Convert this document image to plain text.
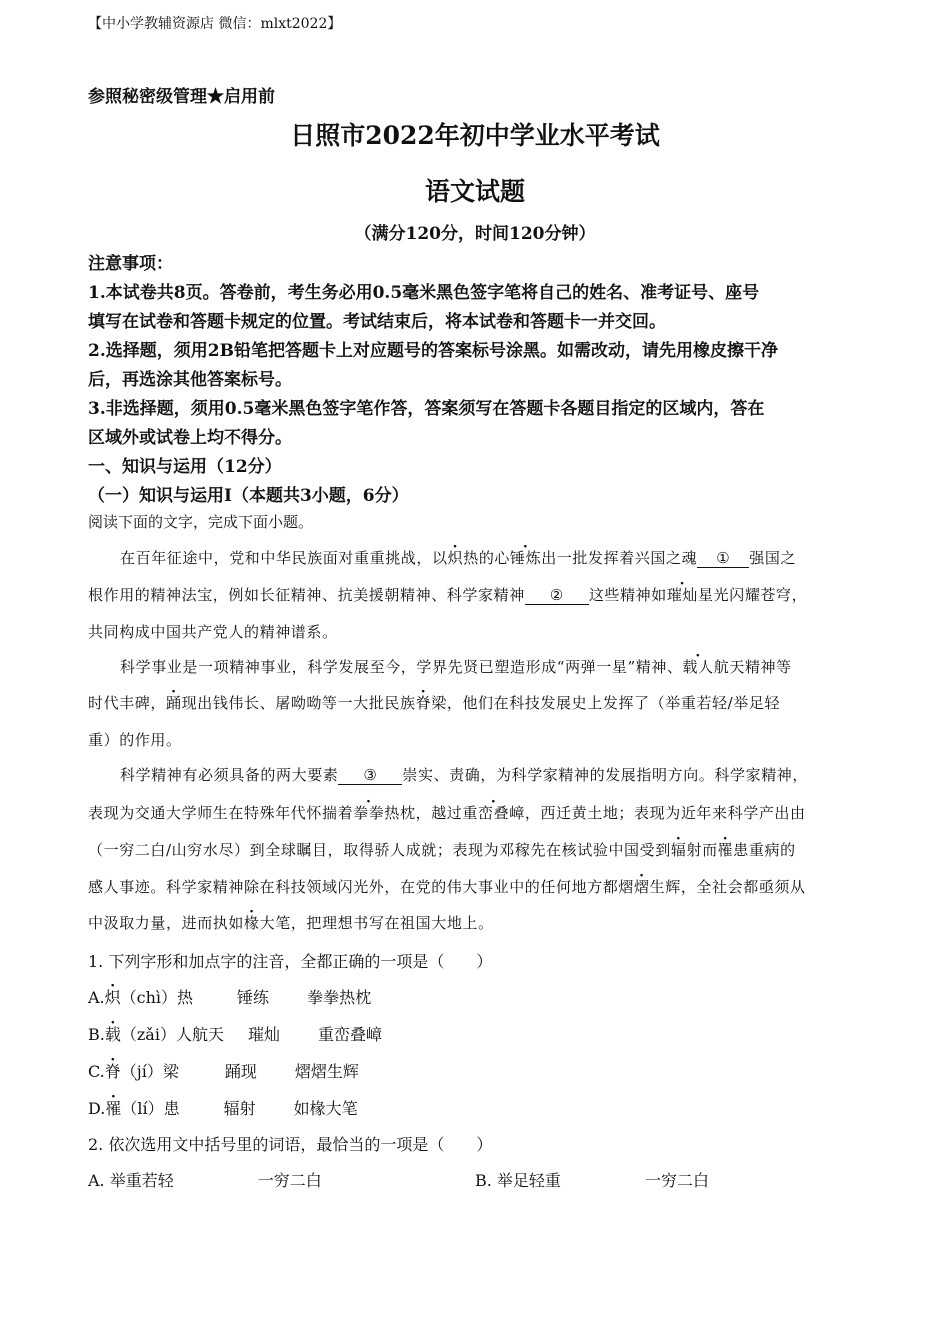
【中小学教辅资源店 微信：mlxt2022】
参照秘密级管理★启用前
日照市2022年初中学业水平考试
语文试题
（满分120分，时间120分钟）
注意事项：
1.本试卷共8页。答卷前，考生务必用0.5毫米黑色签字笔将自己的姓名、准考证号、座号
填写在试卷和答题卡规定的位置。考试结束后，将本试卷和答题卡一并交回。
2.选择题，须用2B铅笔把答题卡上对应题号的答案标号涂黑。如需改动，请先用橡皮擦干净
后，再选涂其他答案标号。
3.非选择题，须用0.5毫米黑色签字笔作答，答案须写在答题卡各题目指定的区域内，答在
区域外或试卷上均不得分。
一、知识与运用（12分）
（一）知识与运用Ⅰ（本题共3小题，6分）
阅读下面的文字，完成下面小题。
在百年征途中，党和中华民族面对重重挑战，以炽热的心锤炼出一批发挥着兴国之魂 ① 强国之
根作用的精神法宝，例如长征精神、抗美援朝精神、科学家精神 ② 这些精神如璀灿星光闪耀苍穹，
共同构成中国共产党人的精神谱系。
科学事业是一项精神事业，科学发展至今，学界先贤已塑造形成“两弹一星”精神、载人航天精神等
时代丰碑，踊现出钱伟长、屠呦呦等一大批民族脊梁，他们在科技发展史上发挥了（举重若轻/举足轻
重）的作用。
科学精神有必须具备的两大要素 ③ 崇实、责确，为科学家精神的发展指明方向。科学家精神，
表现为交通大学师生在特殊年代怀揣着拳拳热枕，越过重峦叠嶂，西迁黄土地；表现为近年来科学产出由
（一穷二白/山穷水尽）到全球瞩目，取得骄人成就；表现为邓稼先在核试验中国受到辐射而罹患重病的
感人事迹。科学家精神除在科技领域闪光外，在党的伟大事业中的任何地方都熠熠生辉，全社会都亟须从
中汲取力量，进而执如椽大笔，把理想书写在祖国大地上。
1. 下列字形和加点字的注音，全都正确的一项是（　　）
A.炽（chì）热	锤练 拳拳热枕
B.载（zǎi）人航天 璀灿 重峦叠嶂
C.脊（jí）梁	踊现 熠熠生辉
D.罹（lí）患	辐射 如椽大笔
2. 依次选用文中括号里的词语，最恰当的一项是（　　）
A. 举重若轻	一穷二白	B. 举足轻重	一穷二白
